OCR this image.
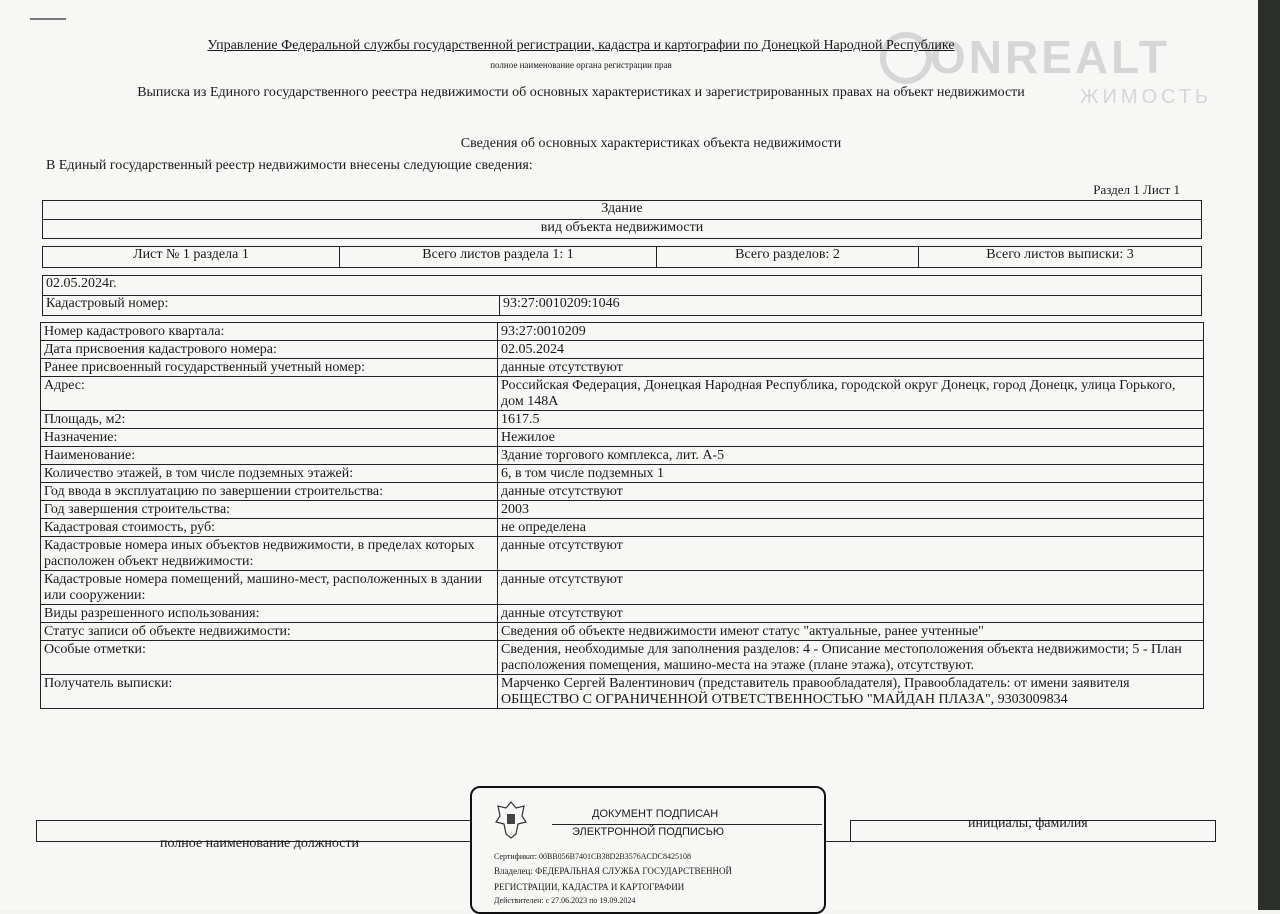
ONREALT
ЖИМОСТЬ
Управление Федеральной службы государственной регистрации, кадастра и картографии по Донецкой Народной Республике
полное наименование органа регистрации прав
Выписка из Единого государственного реестра недвижимости об основных характеристиках и зарегистрированных правах на объект недвижимости
Сведения об основных характеристиках объекта недвижимости
В Единый государственный реестр недвижимости внесены следующие сведения:
Раздел 1 Лист 1
Здание
вид объекта недвижимости
Лист № 1 раздела 1	Всего листов раздела 1: 1	Всего разделов: 2	Всего листов выписки: 3
02.05.2024г.
Кадастровый номер:	93:27:0010209:1046
Номер кадастрового квартала:	93:27:0010209
Дата присвоения кадастрового номера:	02.05.2024
Ранее присвоенный государственный учетный номер:	данные отсутствуют
Адрес:	Российская Федерация, Донецкая Народная Республика, городской округ Донецк, город Донецк, улица Горького, дом 148А
Площадь, м2:	1617.5
Назначение:	Нежилое
Наименование:	Здание торгового комплекса, лит. А-5
Количество этажей, в том числе подземных этажей:	6, в том числе подземных 1
Год ввода в эксплуатацию по завершении строительства:	данные отсутствуют
Год завершения строительства:	2003
Кадастровая стоимость, руб:	не определена
Кадастровые номера иных объектов недвижимости, в пределах которых расположен объект недвижимости:	данные отсутствуют
Кадастровые номера помещений, машино-мест, расположенных в здании или сооружении:	данные отсутствуют
Виды разрешенного использования:	данные отсутствуют
Статус записи об объекте недвижимости:	Сведения об объекте недвижимости имеют статус "актуальные, ранее учтенные"
Особые отметки:	Сведения, необходимые для заполнения разделов: 4 - Описание местоположения объекта недвижимости; 5 - План расположения помещения, машино-места на этаже (плане этажа), отсутствуют.
Получатель выписки:	Марченко Сергей Валентинович (представитель правообладателя), Правообладатель: от имени заявителя ОБЩЕСТВО С ОГРАНИЧЕННОЙ ОТВЕТСТВЕННОСТЬЮ "МАЙДАН ПЛАЗА", 9303009834

полное наименование должности
инициалы, фамилия
ДОКУМЕНТ ПОДПИСАН
ЭЛЕКТРОННОЙ ПОДПИСЬЮ
Сертификат: 00BB056B7401CB38D2B3576ACDC8425108
Владелец: ФЕДЕРАЛЬНАЯ СЛУЖБА ГОСУДАРСТВЕННОЙ
РЕГИСТРАЦИИ, КАДАСТРА И КАРТОГРАФИИ
Действителен: с 27.06.2023 по 19.09.2024
